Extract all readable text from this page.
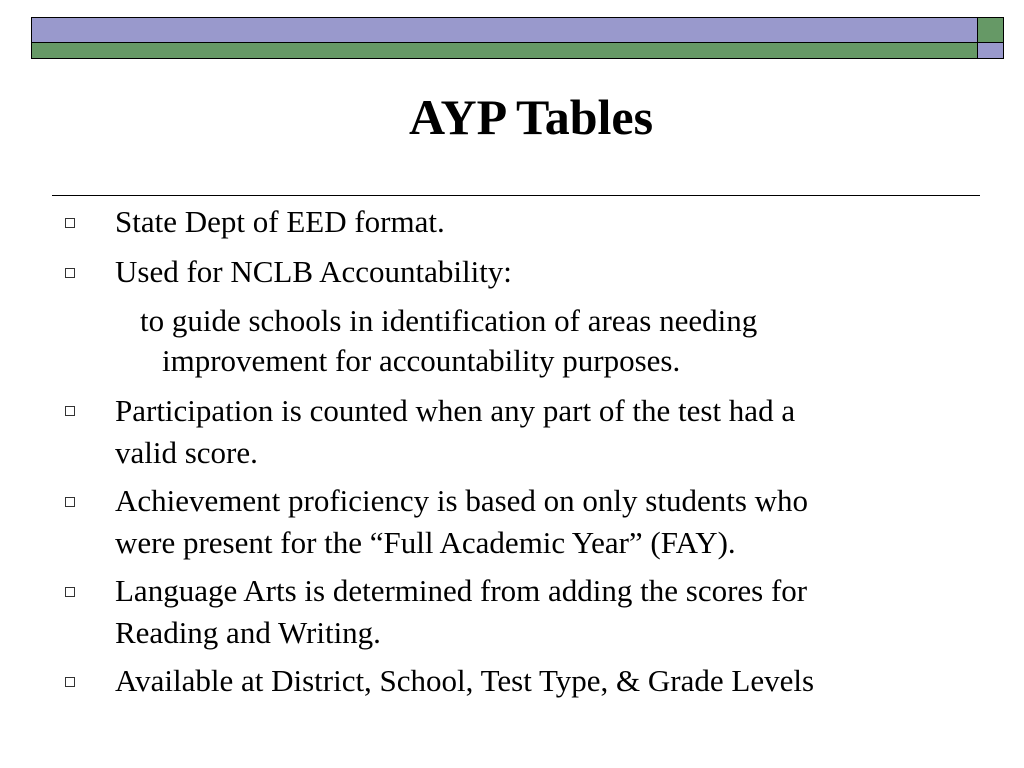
AYP Tables
State Dept of EED format.
Used for NCLB Accountability:
to guide schools in identification of areas needing
improvement for accountability purposes.
Participation is counted when any part of the test had a
valid score.
Achievement proficiency is based on only students who
were present for the “Full Academic Year” (FAY).
Language Arts is determined from adding the scores for
Reading and Writing.
Available at District, School, Test Type, & Grade Levels
